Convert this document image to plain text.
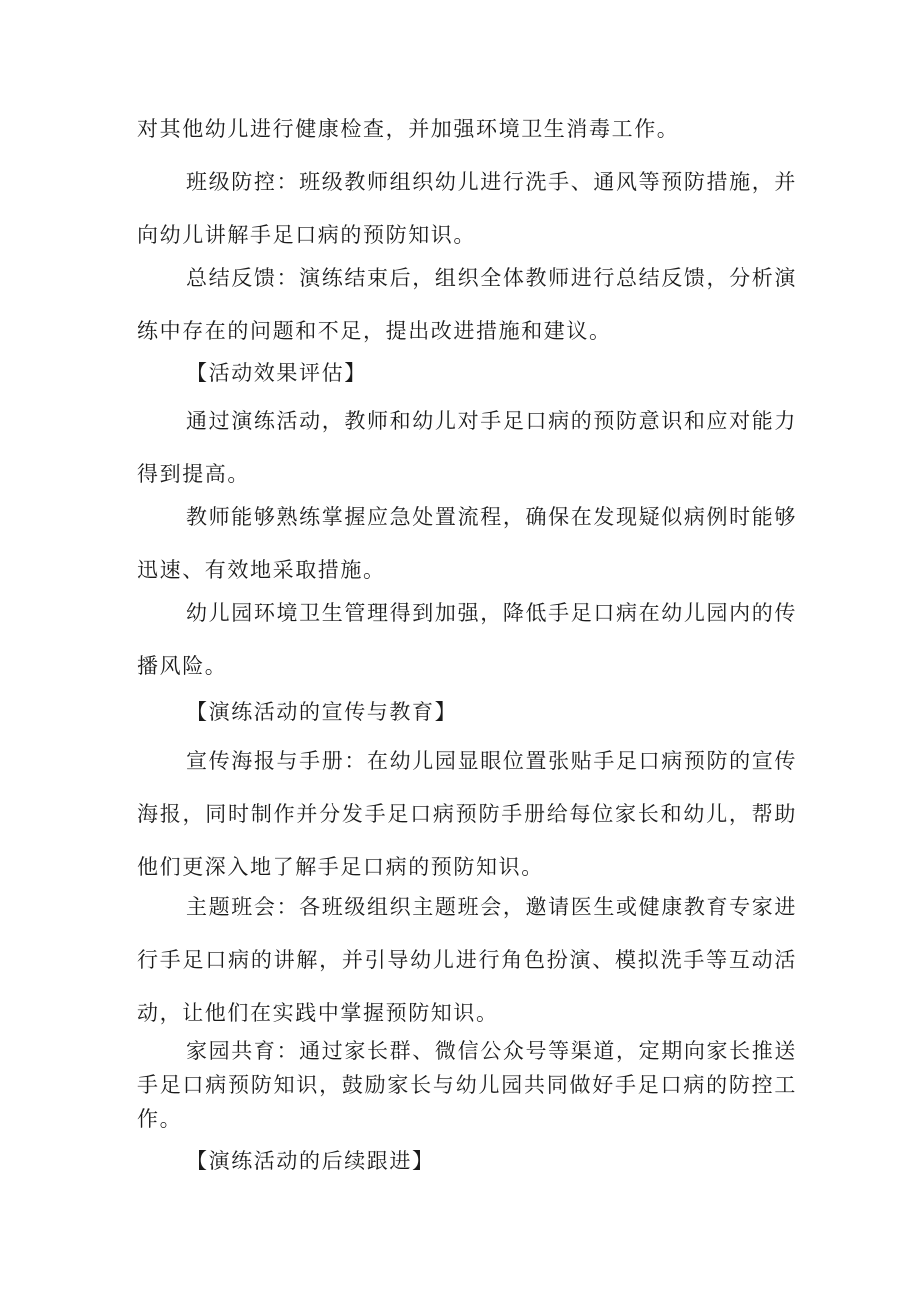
对其他幼儿进行健康检查，并加强环境卫生消毒工作。

班级防控：班级教师组织幼儿进行洗手、通风等预防措施，并向幼儿讲解手足口病的预防知识。

总结反馈：演练结束后，组织全体教师进行总结反馈，分析演练中存在的问题和不足，提出改进措施和建议。

【活动效果评估】

通过演练活动，教师和幼儿对手足口病的预防意识和应对能力得到提高。

教师能够熟练掌握应急处置流程，确保在发现疑似病例时能够迅速、有效地采取措施。

幼儿园环境卫生管理得到加强，降低手足口病在幼儿园内的传播风险。

【演练活动的宣传与教育】

宣传海报与手册：在幼儿园显眼位置张贴手足口病预防的宣传海报，同时制作并分发手足口病预防手册给每位家长和幼儿，帮助他们更深入地了解手足口病的预防知识。

主题班会：各班级组织主题班会，邀请医生或健康教育专家进行手足口病的讲解，并引导幼儿进行角色扮演、模拟洗手等互动活动，让他们在实践中掌握预防知识。

家园共育：通过家长群、微信公众号等渠道，定期向家长推送手足口病预防知识，鼓励家长与幼儿园共同做好手足口病的防控工作。

【演练活动的后续跟进】
